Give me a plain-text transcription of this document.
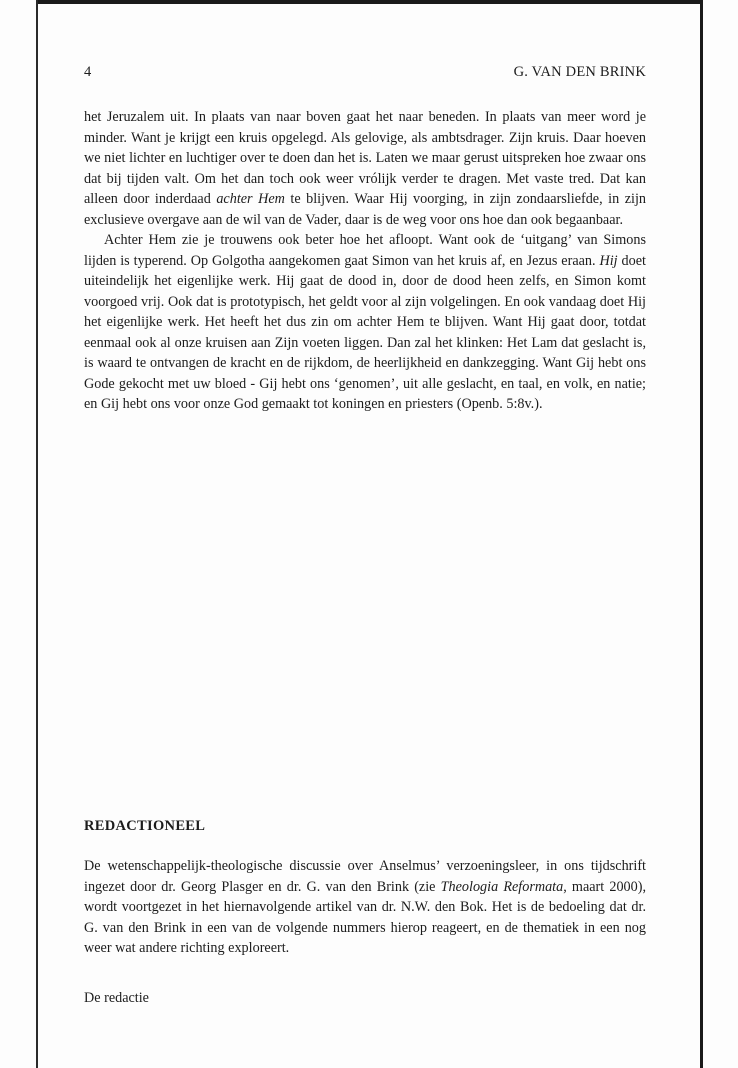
4	G. VAN DEN BRINK

het Jeruzalem uit. In plaats van naar boven gaat het naar beneden. In plaats van meer word je minder. Want je krijgt een kruis opgelegd. Als gelovige, als ambtsdrager. Zijn kruis. Daar hoeven we niet lichter en luchtiger over te doen dan het is. Laten we maar gerust uitspreken hoe zwaar ons dat bij tijden valt. Om het dan toch ook weer vrólijk verder te dragen. Met vaste tred. Dat kan alleen door inderdaad achter Hem te blijven. Waar Hij voorging, in zijn zondaarsliefde, in zijn exclusieve overgave aan de wil van de Vader, daar is de weg voor ons hoe dan ook begaanbaar.

Achter Hem zie je trouwens ook beter hoe het afloopt. Want ook de ‘uitgang’ van Simons lijden is typerend. Op Golgotha aangekomen gaat Simon van het kruis af, en Jezus eraan. Hij doet uiteindelijk het eigenlijke werk. Hij gaat de dood in, door de dood heen zelfs, en Simon komt voorgoed vrij. Ook dat is prototypisch, het geldt voor al zijn volgelingen. En ook vandaag doet Hij het eigenlijke werk. Het heeft het dus zin om achter Hem te blijven. Want Hij gaat door, totdat eenmaal ook al onze kruisen aan Zijn voeten liggen. Dan zal het klinken: Het Lam dat geslacht is, is waard te ontvangen de kracht en de rijkdom, de heerlijkheid en dankzegging. Want Gij hebt ons Gode gekocht met uw bloed - Gij hebt ons ‘genomen’, uit alle geslacht, en taal, en volk, en natie; en Gij hebt ons voor onze God gemaakt tot koningen en priesters (Openb. 5:8v.).

REDACTIONEEL

De wetenschappelijk-theologische discussie over Anselmus’ verzoeningsleer, in ons tijdschrift ingezet door dr. Georg Plasger en dr. G. van den Brink (zie Theologia Reformata, maart 2000), wordt voortgezet in het hiernavolgende artikel van dr. N.W. den Bok. Het is de bedoeling dat dr. G. van den Brink in een van de volgende nummers hierop reageert, en de thematiek in een nog weer wat andere richting exploreert.

De redactie
